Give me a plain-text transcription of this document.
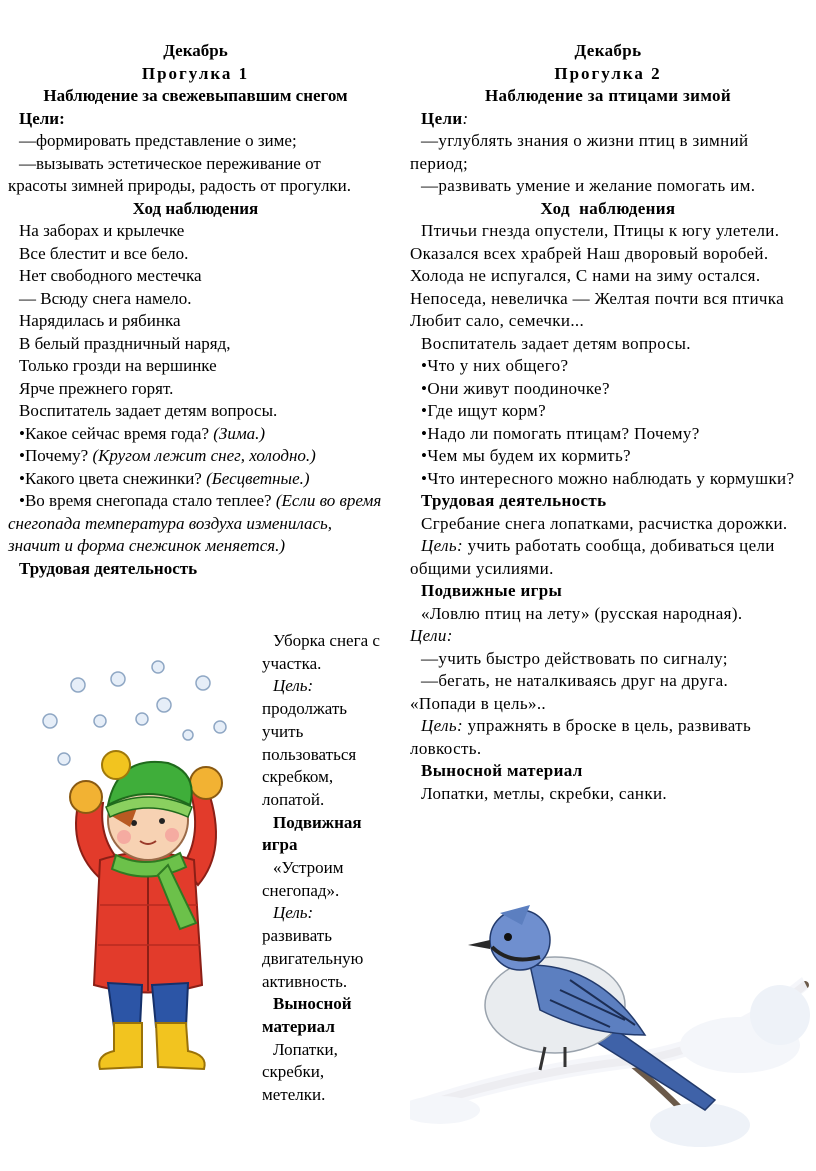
Декабрь

Прогулка 1

Наблюдение за свежевыпавшим снегом

Цели:

—формировать представление о зиме;

—вызывать эстетическое переживание от красоты зимней природы, радость от прогулки.

Ход наблюдения

На заборах и крылечке

Все блестит и все бело.

Нет свободного местечка

— Всюду снега намело.

Нарядилась и рябинка

В белый праздничный наряд,

Только грозди на вершинке

Ярче прежнего горят.

Воспитатель задает детям вопросы.

•Какое сейчас время года? (Зима.)

•Почему? (Кругом лежит снег, холодно.)

•Какого цвета снежинки? (Бесцветные.)

•Во время снегопада стало теплее? (Если во время снегопада температура воздуха изменилась, значит и форма снежинок меняется.)

Трудовая деятельность

Уборка снега с участка.

Цель: продолжать учить пользоваться скребком, лопатой.

Подвижная игра

«Устроим снегопад».

Цель: развивать двигательную активность.

Выносной материал

Лопатки, скребки, метелки.

Декабрь

Прогулка 2

Наблюдение за птицами зимой

Цели:

—углублять знания о жизни птиц в зимний период;

—развивать умение и желание помогать им.

Ход  наблюдения

Птичьи гнезда опустели, Птицы к югу улетели. Оказался всех храбрей Наш дворовый воробей. Холода не испугался, С нами на зиму остался. Непоседа, невеличка — Желтая почти вся птичка Любит сало, семечки...

Воспитатель задает детям вопросы.

•Что у них общего?

•Они живут поодиночке?

•Где ищут корм?

•Надо ли помогать птицам? Почему?

•Чем мы будем их кормить?

•Что интересного можно наблюдать у кормушки?

Трудовая деятельность

Сгребание снега лопатками, расчистка дорожки.

Цель: учить работать сообща, добиваться цели общими усилиями.

Подвижные игры

«Ловлю птиц на лету» (русская народная).

Цели:

—учить быстро действовать по сигналу;

—бегать, не наталкиваясь друг на друга.

«Попади в цель»..

Цель: упражнять в броске в цель, развивать ловкость.

Выносной материал

Лопатки, метлы, скребки, санки.
